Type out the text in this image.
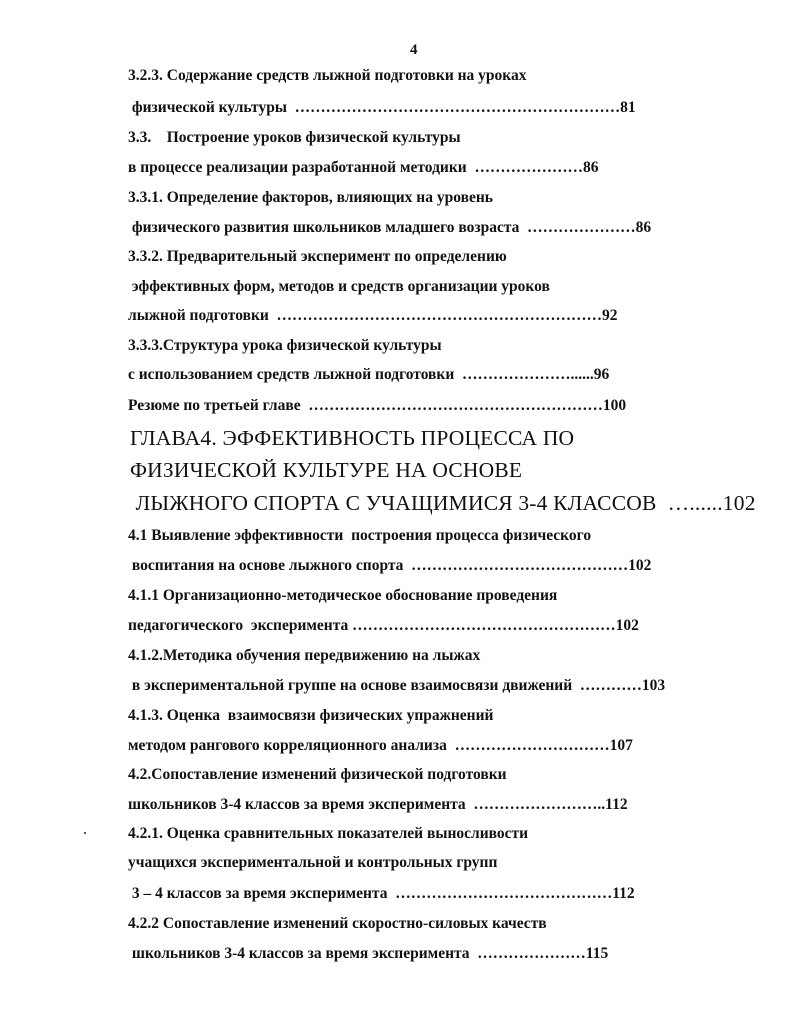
4
3.2.3. Содержание средств лыжной подготовки на уроках
физической культуры  ………………………………………………………81
3.3.    Построение уроков физической культуры
в процессе реализации разработанной методики  …………………86
3.3.1. Определение факторов, влияющих на уровень
физического развития школьников младшего возраста  …………………86
3.3.2. Предварительный эксперимент по определению
эффективных форм, методов и средств организации уроков
лыжной подготовки  ………………………………………………………92
3.3.3.Структура урока физической культуры
с использованием средств лыжной подготовки  …………………......96
Резюме по третьей главе  …………………………………………………100
ГЛАВА4. ЭФФЕКТИВНОСТЬ ПРОЦЕССА ПО
ФИЗИЧЕСКОЙ КУЛЬТУРЕ НА ОСНОВЕ
ЛЫЖНОГО СПОРТА С УЧАЩИМИСЯ 3-4 КЛАССОВ  …......102
4.1 Выявление эффективности  построения процесса физического
воспитания на основе лыжного спорта  ……………………………………102
4.1.1 Организационно-методическое обоснование проведения
педагогического  эксперимента ……………………………………………102
4.1.2.Методика обучения передвижению на лыжах
в экспериментальной группе на основе взаимосвязи движений  …………103
4.1.3. Оценка  взаимосвязи физических упражнений
методом рангового корреляционного анализа  …………………………107
4.2.Сопоставление изменений физической подготовки
школьников 3-4 классов за время эксперимента  ……………………..112
4.2.1. Оценка сравнительных показателей выносливости
учащихся экспериментальной и контрольных групп
3 – 4 классов за время эксперимента  ……………………………………112
4.2.2 Сопоставление изменений скоростно-силовых качеств
школьников 3-4 классов за время эксперимента  …………………115
